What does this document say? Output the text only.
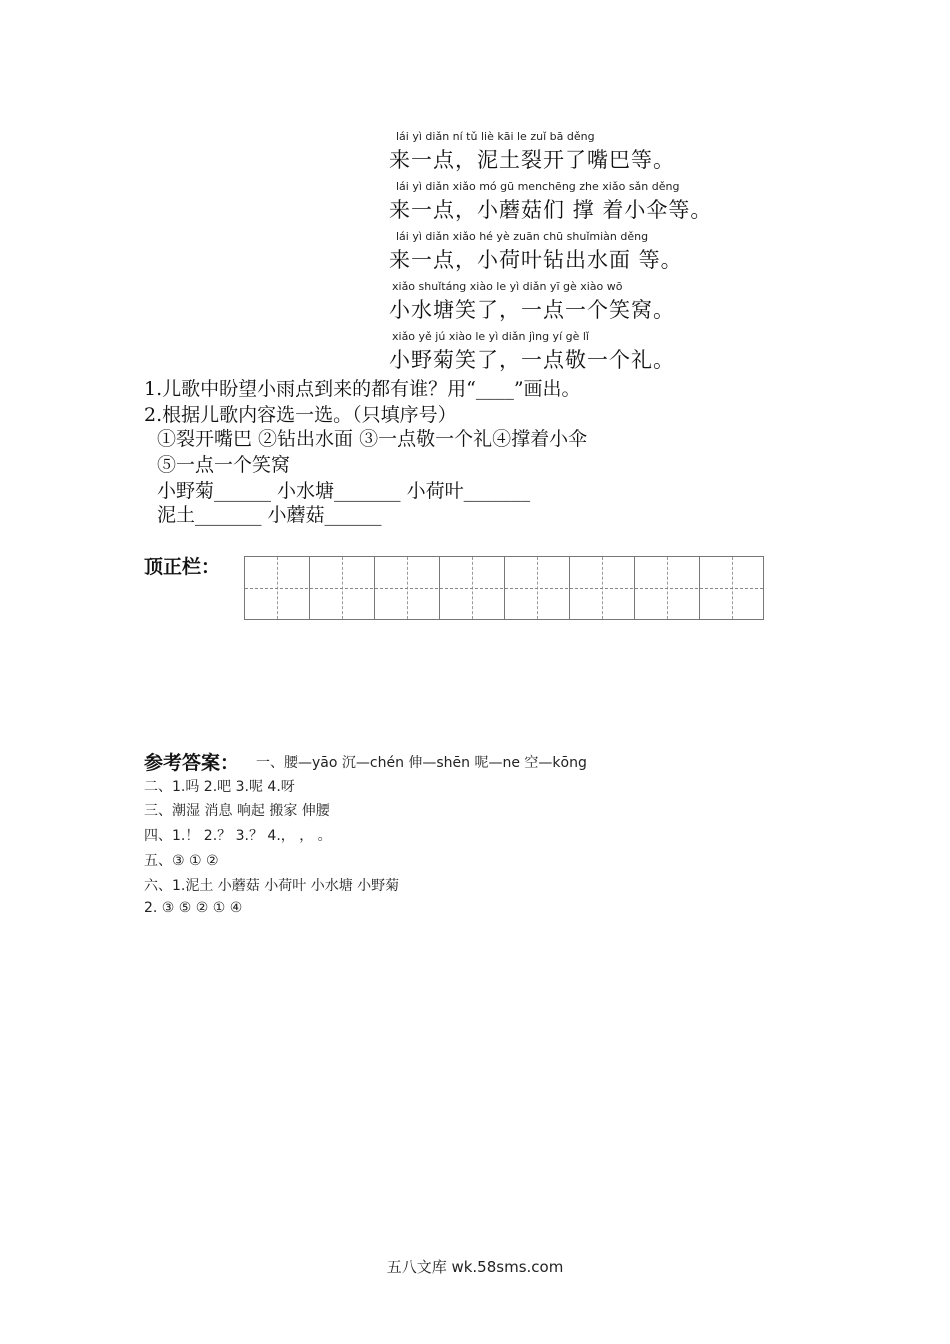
lái yì diǎn ní tǔ liè kāi le zuǐ bā děng
来一点，泥土裂开了嘴巴等。
lái yì diǎn xiǎo mó gū menchēng zhe xiǎo sǎn děng
来一点，小蘑菇们 撑 着小伞等。
lái yì diǎn xiǎo hé yè zuān chū shuǐmiàn děng
来一点，小荷叶钻出水面 等。
xiǎo shuǐtáng xiào le yì diǎn yī gè xiào wō
小水塘笑了，一点一个笑窝。
xiǎo yě jú xiào le yì diǎn jìng yí gè lǐ
小野菊笑了，一点敬一个礼。
1.儿歌中盼望小雨点到来的都有谁？用“____”画出。
2.根据儿歌内容选一选。（只填序号）
①裂开嘴巴 ②钻出水面 ③一点敬一个礼④撑着小伞
⑤一点一个笑窝
小野菊______ 小水塘_______ 小荷叶_______
泥土_______ 小蘑菇______
顶正栏：
参考答案： 一、腰—yāo 沉—chén 伸—shēn 呢—ne 空—kōng
二、1.吗 2.吧 3.呢 4.呀
三、潮湿 消息 响起 搬家 伸腰
四、1.！ 2.？ 3.？ 4.， ， 。
五、③ ① ②
六、1.泥土 小蘑菇 小荷叶 小水塘 小野菊
2. ③ ⑤ ② ① ④
五八文库 wk.58sms.com
